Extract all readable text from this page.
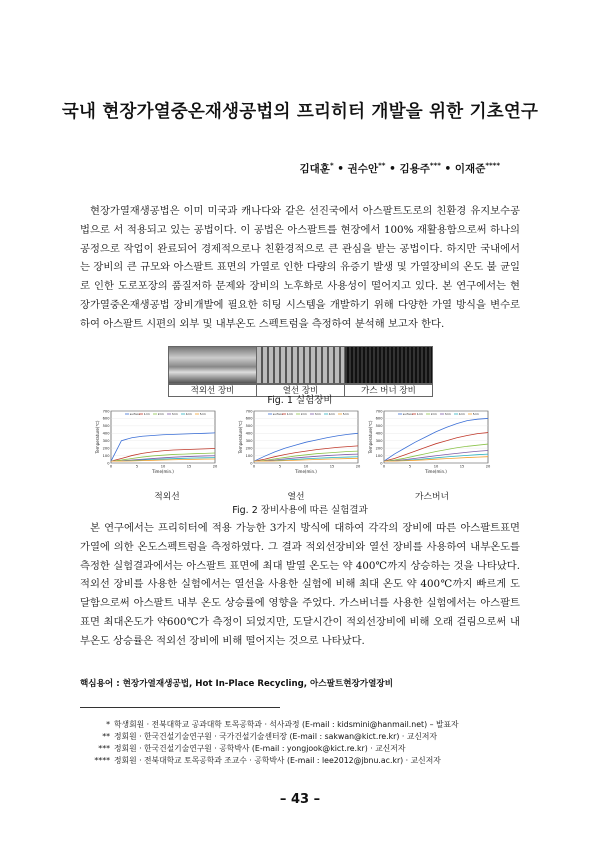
국내 현장가열중온재생공법의 프리히터 개발을 위한 기초연구
김대훈* • 권수안** • 김용주*** • 이재준****
현장가열재생공법은 이미 미국과 캐나다와 같은 선진국에서 아스팔트도로의 친환경 유지보수공법으로 서 적용되고 있는 공법이다. 이 공법은 아스팔트를 현장에서 100% 재활용함으로써 하나의 공정으로 작업이 완료되어 경제적으로나 친환경적으로 큰 관심을 받는 공법이다. 하지만 국내에서는 장비의 큰 규모와 아스팔트 표면의 가열로 인한 다량의 유증기 발생 및 가열장비의 온도 불 균일로 인한 도로포장의 품질저하 문제와 장비의 노후화로 사용성이 떨어지고 있다. 본 연구에서는 현장가열중온재생공법 장비개발에 필요한 히팅 시스템을 개발하기 위해 다양한 가열 방식을 변수로 하여 아스팔트 시편의 외부 및 내부온도 스펙트럼을 측정하여 분석해 보고자 한다.
적외선 장비	열선 장비	가스 버너 장비
Fig. 1 실험장비
0
100
200
300
400
500
600
700
0	5	10	15	20
Time(min.)
Temperature(℃)
surface 1cm	2cm	3cm	4cm	5cm
0
100
200
300
400
500
600
700
0	5	10	15	20
Time(min.)
Temperature(℃)
surface 1cm	2cm	3cm	4cm	5cm
0
100
200
300
400
500
600
700
0	5	10	15	20
Time(min.)
Temperature(℃)
surface 1cm	2cm	3cm	4cm	5cm
적외선	열선	가스버너
Fig. 2 장비사용에 따른 실험결과
본 연구에서는 프리히터에 적용 가능한 3가지 방식에 대하여 각각의 장비에 따른 아스팔트표면 가열에 의한 온도스펙트럼을 측정하였다. 그 결과 적외선장비와 열선 장비를 사용하여 내부온도를 측정한 실험결과에서는 아스팔트 표면에 최대 발열 온도는 약 400℃까지 상승하는 것을 나타났다. 적외선 장비를 사용한 실험에서는 열선을 사용한 실험에 비해 최대 온도 약 400℃까지 빠르게 도달함으로써 아스팔트 내부 온도 상승률에 영향을 주었다. 가스버너를 사용한 실험에서는 아스팔트표면 최대온도가 약600℃가 측정이 되었지만, 도달시간이 적외선장비에 비해 오래 걸림으로써 내부온도 상승률은 적외선 장비에 비해 떨어지는 것으로 나타났다.
핵심용어 : 현장가열재생공법, Hot In-Place Recycling, 아스팔트현장가열장비
* 학생회원 · 전북대학교 공과대학 토목공학과 · 석사과정 (E-mail : kidsmini@hanmail.net) – 발표자
** 정회원 · 한국건설기술연구원 · 국가건설기술센터장 (E-mail : sakwan@kict.re.kr) · 교신저자
*** 정회원 · 한국건설기술연구원 · 공학박사 (E-mail : yongjook@kict.re.kr) · 교신저자
**** 정회원 · 전북대학교 토목공학과 조교수 · 공학박사 (E-mail : lee2012@jbnu.ac.kr) · 교신저자
– 43 –
